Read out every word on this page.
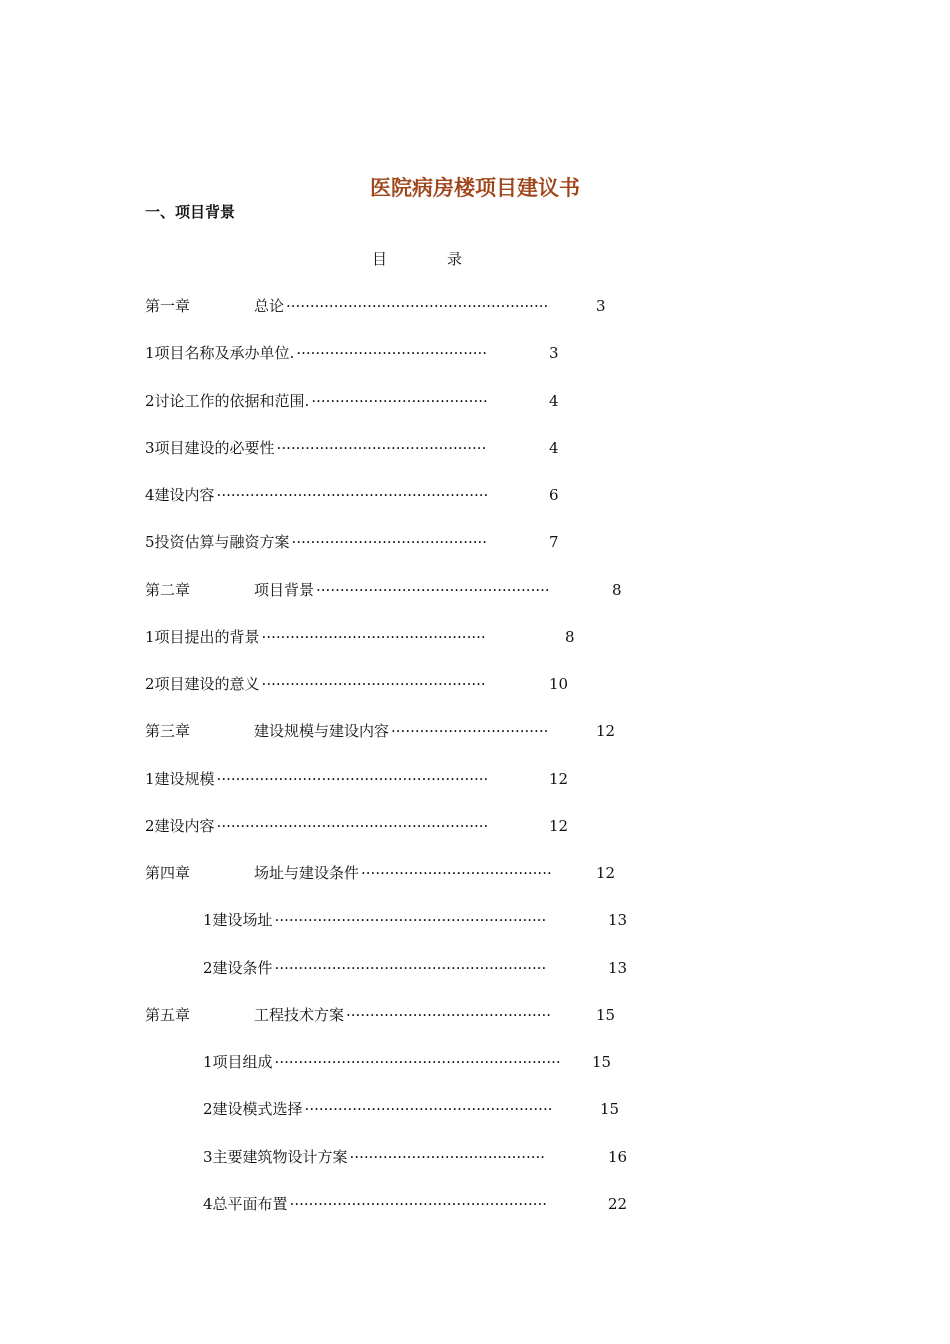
医院病房楼项目建议书
一、项目背景
目	录
第一章	总论 ·······················································	3
1项目名称及承办单位. ········································	3
2讨论工作的依据和范围. ·····································	4
3项目建设的必要性 ············································	4
4建设内容 ·························································	6
5投资估算与融资方案 ·········································	7
第二章	项目背景 ·················································	8
1项目提出的背景 ···············································	8
2项目建设的意义 ···············································	10
第三章	建设规模与建设内容 ·································	12
1建设规模 ·························································	12
2建设内容 ·························································	12
第四章	场址与建设条件 ········································	12
1建设场址 ·························································	13
2建设条件 ·························································	13
第五章	工程技术方案 ···········································	15
1项目组成 ···························································· 15
2建设模式选择 ····················································	15
3主要建筑物设计方案 ·········································	16
4总平面布置 ······················································	22
